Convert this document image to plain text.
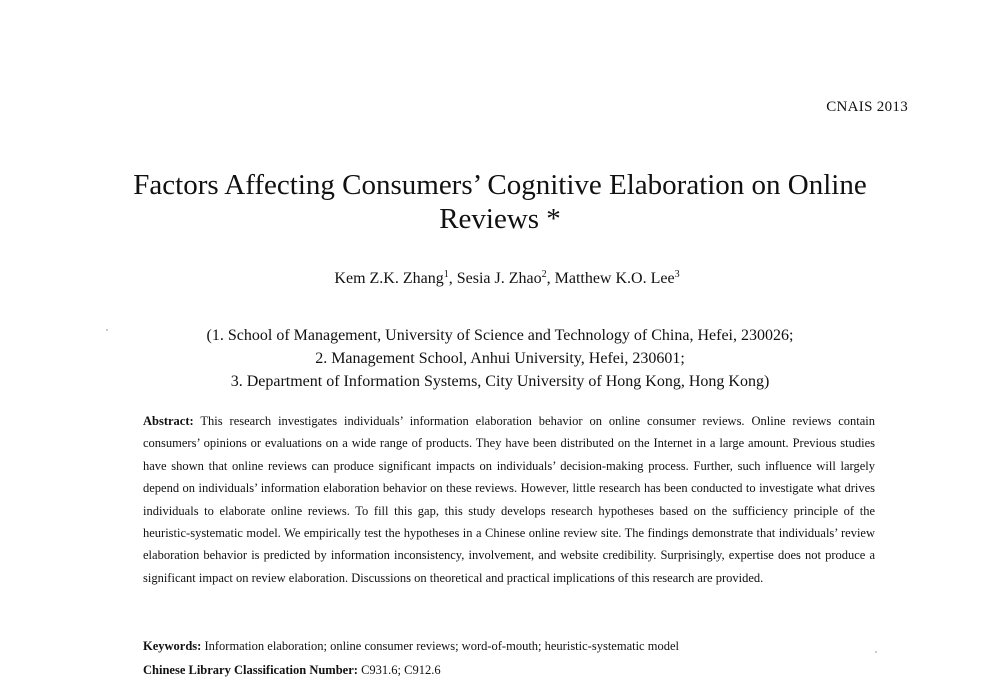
CNAIS 2013
Factors Affecting Consumers’ Cognitive Elaboration on Online
Reviews *
Kem Z.K. Zhang$^1$, Sesia J. Zhao$^2$, Matthew K.O. Lee$^3$
(1. School of Management, University of Science and Technology of China, Hefei, 230026;
2. Management School, Anhui University, Hefei, 230601;
3. Department of Information Systems, City University of Hong Kong, Hong Kong)
Abstract: This research investigates individuals’ information elaboration behavior on online consumer reviews. Online reviews contain consumers’ opinions or evaluations on a wide range of products. They have been distributed on the Internet in a large amount. Previous studies have shown that online reviews can produce significant impacts on individuals’ decision-making process. Further, such influence will largely depend on individuals’ information elaboration behavior on these reviews. However, little research has been conducted to investigate what drives individuals to elaborate online reviews. To fill this gap, this study develops research hypotheses based on the sufficiency principle of the heuristic-systematic model. We empirically test the hypotheses in a Chinese online review site. The findings demonstrate that individuals’ review elaboration behavior is predicted by information inconsistency, involvement, and website credibility. Surprisingly, expertise does not produce a significant impact on review elaboration. Discussions on theoretical and practical implications of this research are provided.
Keywords: Information elaboration; online consumer reviews; word-of-mouth; heuristic-systematic model
Chinese Library Classification Number: C931.6; C912.6
